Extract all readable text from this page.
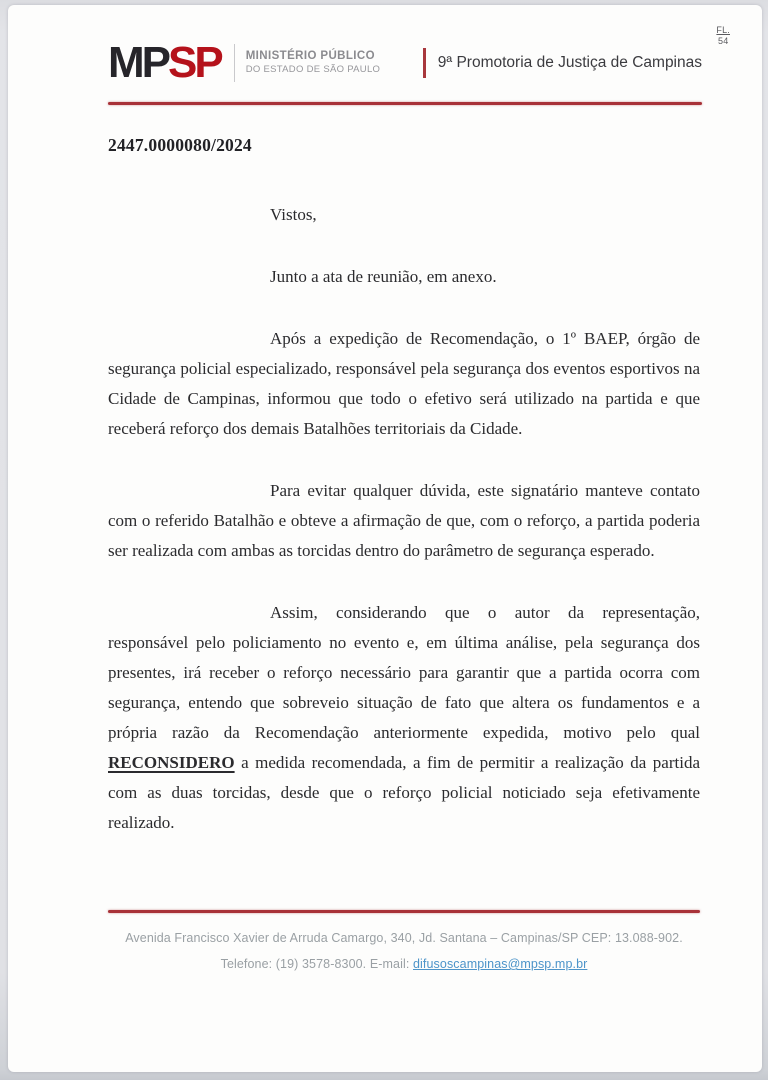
FL.
54
MP SP MINISTÉRIO PÚBLICO
DO ESTADO DE SÃO PAULO	9ª Promotoria de Justiça de Campinas
2447.0000080/2024

Vistos,

Junto a ata de reunião, em anexo.

Após a expedição de Recomendação, o 1º BAEP, órgão de segurança policial especializado, responsável pela segurança dos eventos esportivos na Cidade de Campinas, informou que todo o efetivo será utilizado na partida e que receberá reforço dos demais Batalhões territoriais da Cidade.

Para evitar qualquer dúvida, este signatário manteve contato com o referido Batalhão e obteve a afirmação de que, com o reforço, a partida poderia ser realizada com ambas as torcidas dentro do parâmetro de segurança esperado.

Assim, considerando que o autor da representação, responsável pelo policiamento no evento e, em última análise, pela segurança dos presentes, irá receber o reforço necessário para garantir que a partida ocorra com segurança, entendo que sobreveio situação de fato que altera os fundamentos e a própria razão da Recomendação anteriormente expedida, motivo pelo qual RECONSIDERO a medida recomendada, a fim de permitir a realização da partida com as duas torcidas, desde que o reforço policial noticiado seja efetivamente realizado.

Avenida Francisco Xavier de Arruda Camargo, 340, Jd. Santana – Campinas/SP CEP: 13.088-902.
Telefone: (19) 3578-8300. E-mail: difusoscampinas@mpsp.mp.br
